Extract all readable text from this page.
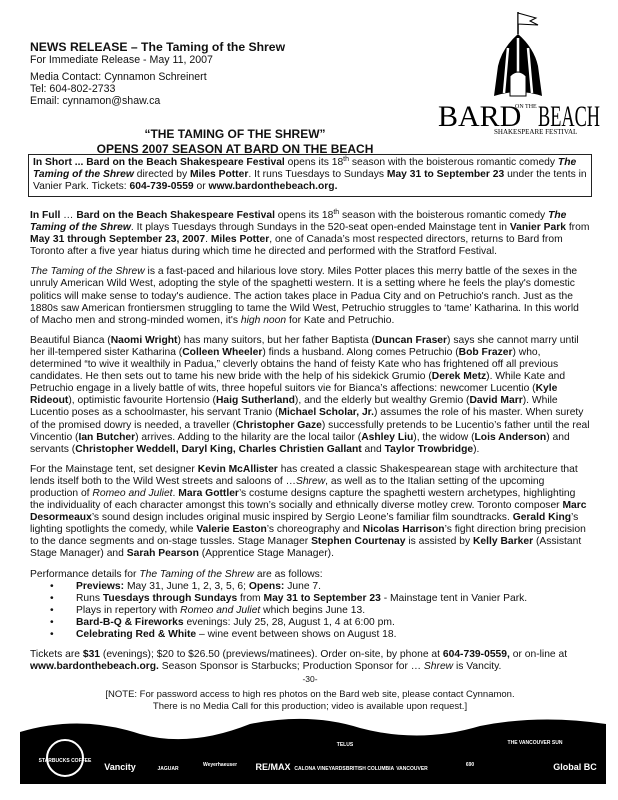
NEWS RELEASE – The Taming of the Shrew
For Immediate Release - May 11, 2007
Media Contact: Cynnamon Schreinert
Tel: 604-802-2733
Email: cynnamon@shaw.ca	BARD
ON THE BEACH
SHAKESPEARE FESTIVAL
“THE TAMING OF THE SHREW”
OPENS 2007 SEASON AT BARD ON THE BEACH
In Short ... Bard on the Beach Shakespeare Festival opens its 18th season with the boisterous romantic comedy The Taming of the Shrew directed by Miles Potter. It runs Tuesdays to Sundays May 31 to September 23 under the tents in Vanier Park. Tickets: 604-739-0559 or www.bardonthebeach.org.

In Full … Bard on the Beach Shakespeare Festival opens its 18th season with the boisterous romantic comedy The Taming of the Shrew. It plays Tuesdays through Sundays in the 520-seat open-ended Mainstage tent in Vanier Park from May 31 through September 23, 2007. Miles Potter, one of Canada’s most respected directors, returns to Bard from Toronto after a five year hiatus during which time he directed and performed with the Stratford Festival.

The Taming of the Shrew is a fast-paced and hilarious love story. Miles Potter places this merry battle of the sexes in the unruly American Wild West, adopting the style of the spaghetti western. It is a setting where he feels the play's domestic politics will make sense to today's audience. The action takes place in Padua City and on Petruchio's ranch. Just as the 1880s saw American frontiersmen struggling to tame the Wild West, Petruchio struggles to ‘tame’ Katharina. In this world of Macho men and strong-minded women, it's high noon for Kate and Petruchio.

Beautiful Bianca (Naomi Wright) has many suitors, but her father Baptista (Duncan Fraser) says she cannot marry until her ill-tempered sister Katharina (Colleen Wheeler) finds a husband. Along comes Petruchio (Bob Frazer) who, determined “to wive it wealthily in Padua,” cleverly obtains the hand of feisty Kate who has frightened off all previous candidates. He then sets out to tame his new bride with the help of his sidekick Grumio (Derek Metz). While Kate and Petruchio engage in a lively battle of wits, three hopeful suitors vie for Bianca’s affections: newcomer Lucentio (Kyle Rideout), optimistic favourite Hortensio (Haig Sutherland), and the elderly but wealthy Gremio (David Marr). While Lucentio poses as a schoolmaster, his servant Tranio (Michael Scholar, Jr.) assumes the role of his master. When surety of the promised dowry is needed, a traveller (Christopher Gaze) successfully pretends to be Lucentio’s father until the real Vincentio (Ian Butcher) arrives. Adding to the hilarity are the local tailor (Ashley Liu), the widow (Lois Anderson) and servants (Christopher Weddell, Daryl King, Charles Christien Gallant and Taylor Trowbridge).

For the Mainstage tent, set designer Kevin McAllister has created a classic Shakespearean stage with architecture that lends itself both to the Wild West streets and saloons of …Shrew, as well as to the Italian setting of the upcoming production of Romeo and Juliet. Mara Gottler’s costume designs capture the spaghetti western archetypes, highlighting the individuality of each character amongst this town’s socially and ethnically diverse motley crew. Toronto composer Marc Desormeaux’s sound design includes original music inspired by Sergio Leone’s familiar film soundtracks. Gerald King’s lighting spotlights the comedy, while Valerie Easton’s choreography and Nicolas Harrison’s fight direction bring precision to the dance segments and on-stage tussles. Stage Manager Stephen Courtenay is assisted by Kelly Barker (Assistant Stage Manager) and Sarah Pearson (Apprentice Stage Manager).

Performance details for The Taming of the Shrew are as follows:

• Previews: May 31, June 1, 2, 3, 5, 6; Opens: June 7.
• Runs Tuesdays through Sundays from May 31 to September 23 - Mainstage tent in Vanier Park.
• Plays in repertory with Romeo and Juliet which begins June 13.
• Bard-B-Q & Fireworks evenings: July 25, 28, August 1, 4 at 6:00 pm.
• Celebrating Red & White – wine event between shows on August 18.

Tickets are $31 (evenings); $20 to $26.50 (previews/matinees). Order on-site, by phone at 604-739-0559, or on-line at www.bardonthebeach.org. Season Sponsor is Starbucks; Production Sponsor for … Shrew is Vancity.

-30-
[NOTE: For password access to high res photos on the Bard web site, please contact Cynnamon.
There is no Media Call for this production; video is available upon request.]
STARBUCKS COFFEE
Vancity	JAGUAR
Weyerhaeuser RE/MAX CALONA VINEYARDS
TELUS
BRITISH COLUMBIA VANCOUVER
690
THE VANCOUVER SUN
Global BC
